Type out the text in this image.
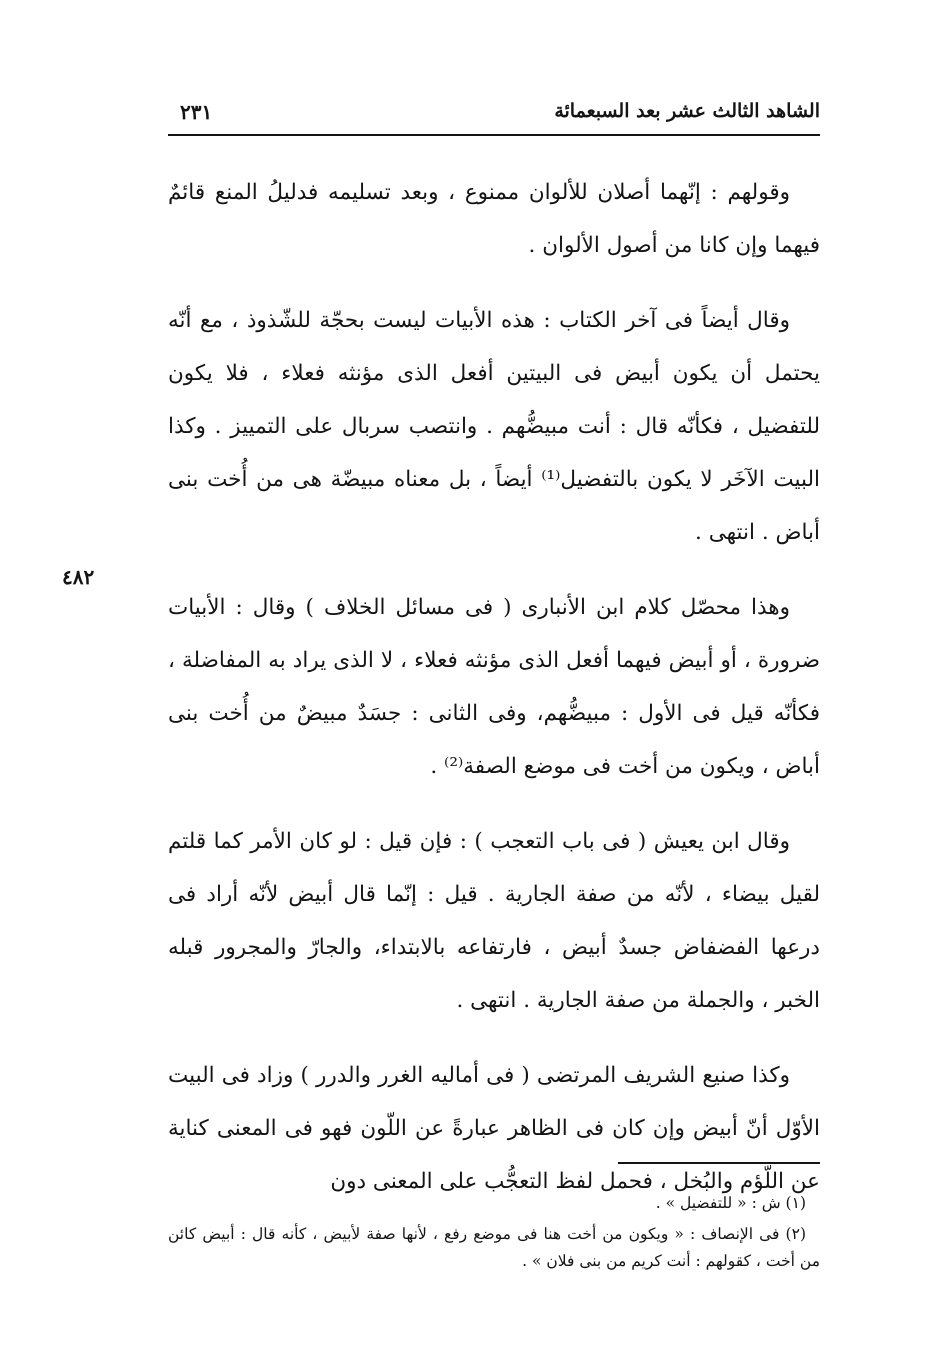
الشاهد الثالث عشر بعد السبعمائة
٢٣١
٤٨٢

وقولهم : إنّهما أصلان للألوان ممنوع ، وبعد تسليمه فدليلُ المنع قائمٌ فيهما وإن كانا من أصول الألوان .

وقال أيضاً فى آخر الكتاب : هذه الأبيات ليست بحجّة للشّذوذ ، مع أنّه يحتمل أن يكون أبيض فى البيتين أفعل الذى مؤنثه فعلاء ، فلا يكون للتفضيل ، فكأنّه قال : أنت مبيضُّهم . وانتصب سربال على التمييز . وكذا البيت الآخَر لا يكون بالتفضيل⁽¹⁾ أيضاً ، بل معناه مبيضّة هى من أُخت بنى أباض . انتهى .

وهذا محصّل كلام ابن الأنبارى ( فى مسائل الخلاف ) وقال : الأبيات ضرورة ، أو أبيض فيهما أفعل الذى مؤنثه فعلاء ، لا الذى يراد به المفاضلة ، فكأنّه قيل فى الأول : مبيضُّهم، وفى الثانى : جسَدٌ مبيضٌ من أُخت بنى أباض ، ويكون من أخت فى موضع الصفة⁽²⁾ .

وقال ابن يعيش ( فى باب التعجب ) : فإن قيل : لو كان الأمر كما قلتم لقيل بيضاء ، لأنّه من صفة الجارية . قيل : إنّما قال أبيض لأنّه أراد فى درعها الفضفاض جسدٌ أبيض ، فارتفاعه بالابتداء، والجارّ والمجرور قبله الخبر ، والجملة من صفة الجارية . انتهى .

وكذا صنيع الشريف المرتضى ( فى أماليه الغرر والدرر ) وزاد فى البيت الأوّل أنّ أبيض وإن كان فى الظاهر عبارةً عن اللّون فهو فى المعنى كناية عن اللّؤم والبُخل ، فحمل لفظ التعجُّب على المعنى دون

(١) ش : « للتفضيل » .

(٢) فى الإنصاف : « ويكون من أخت هنا فى موضع رفع ، لأنها صفة لأبيض ، كأنه قال : أبيض كائن من أخت ، كقولهم : أنت كريم من بنى فلان » .
